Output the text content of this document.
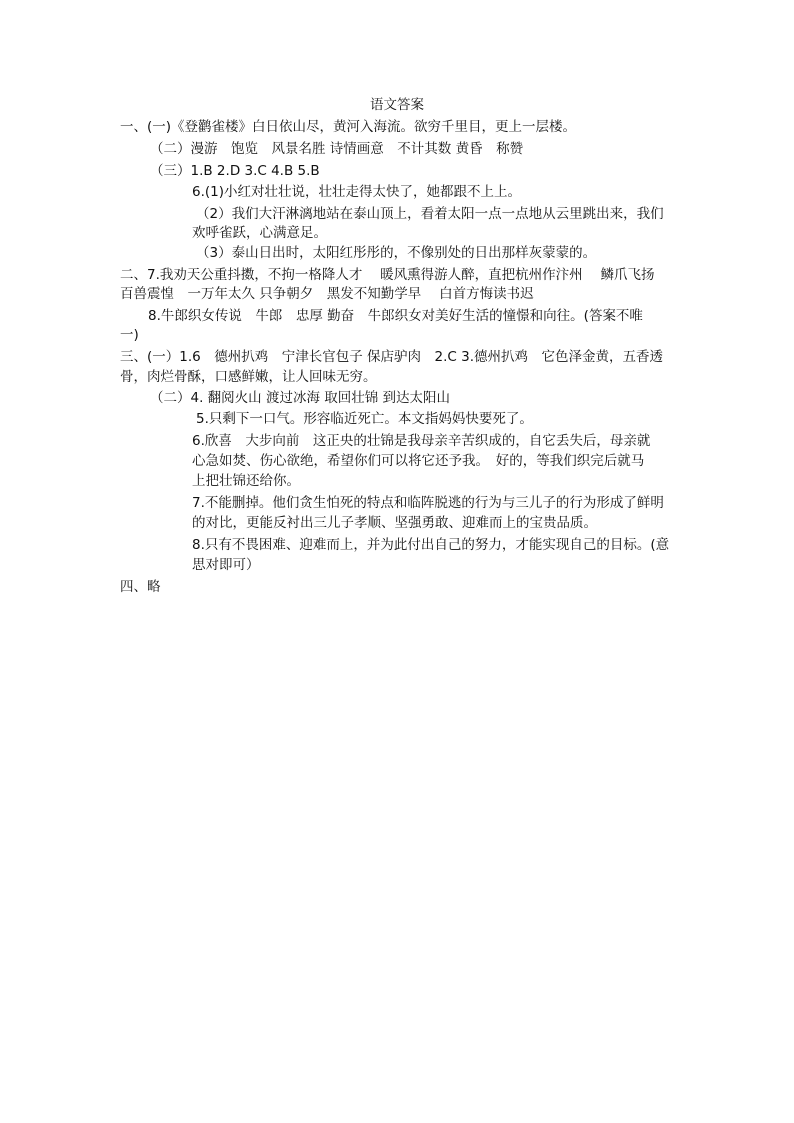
语文答案
一、(一)《登鹳雀楼》白日依山尽，黄河入海流。欲穷千里目，更上一层楼。
（二）漫游　饱览　风景名胜 诗情画意　不计其数 黄昏　称赞
（三）1.B 2.D 3.C 4.B 5.B
6.(1)小红对壮壮说，壮壮走得太快了，她都跟不上上。
（2）我们大汗淋漓地站在泰山顶上，看着太阳一点一点地从云里跳出来，我们
欢呼雀跃，心满意足。
（3）泰山日出时，太阳红彤彤的，不像别处的日出那样灰蒙蒙的。
二、7.我劝天公重抖擞，不拘一格降人才　 暖风熏得游人醉，直把杭州作汴州　 鳞爪飞扬
百兽震惶　一万年太久 只争朝夕　黑发不知勤学早　 白首方悔读书迟
8.牛郎织女传说　牛郎　忠厚 勤奋　牛郎织女对美好生活的憧憬和向往。(答案不唯
一)
三、(一）1.6　德州扒鸡　宁津长官包子 保店驴肉　2.C 3.德州扒鸡　它色泽金黄，五香透
骨，肉烂骨酥，口感鲜嫩，让人回味无穷。
（二）4. 翻阅火山 渡过冰海 取回壮锦 到达太阳山
5.只剩下一口气。形容临近死亡。本文指妈妈快要死了。
6.欣喜　大步向前　这正央的壮锦是我母亲辛苦织成的，自它丢失后，母亲就
心急如焚、伤心欲绝，希望你们可以将它还予我。　好的，等我们织完后就马
上把壮锦还给你。
7.不能删掉。他们贪生怕死的特点和临阵脱逃的行为与三儿子的行为形成了鲜明
的对比，更能反衬出三儿子孝顺、坚强勇敢、迎难而上的宝贵品质。
8.只有不畏困难、迎难而上，并为此付出自己的努力，才能实现自己的目标。(意
思对即可）
四、略
